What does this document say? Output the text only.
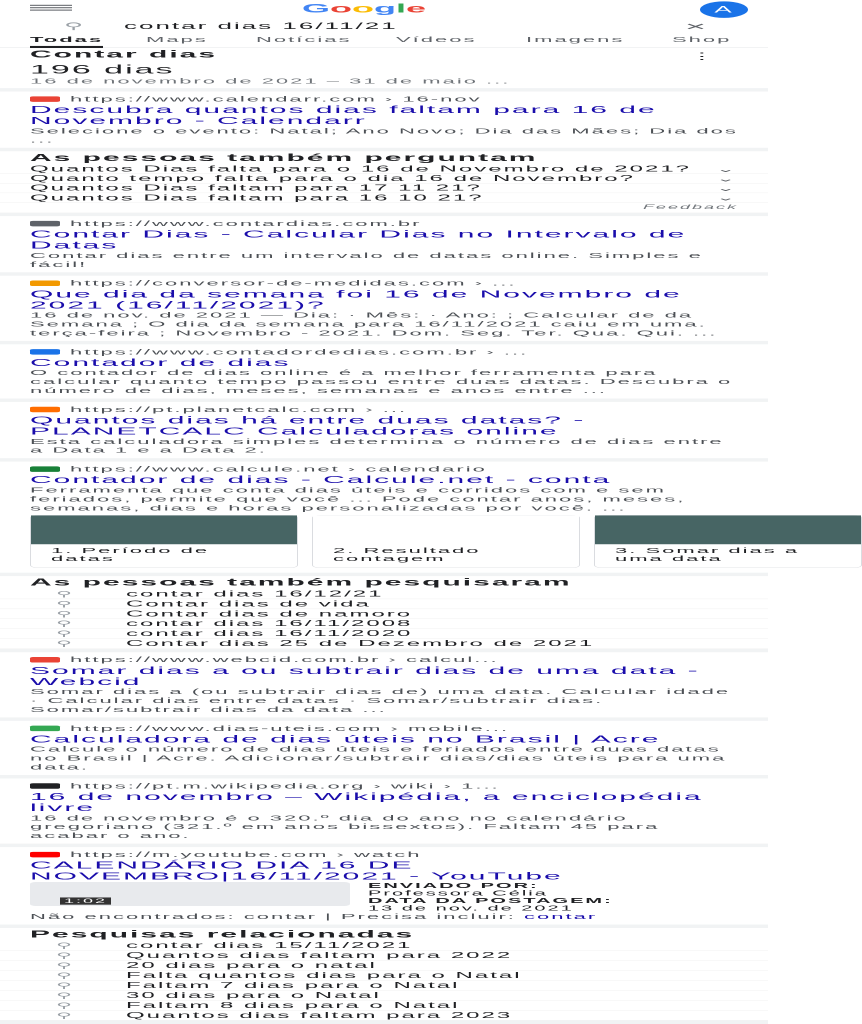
Google	A
⚲ contar dias 16/11/21	×
Todas Maps Notícias Vídeos Imagens Shop
Contar dias	⋮
196 dias
16 de novembro de 2021 – 31 de maio ...
https://www.calendarr.com › 16-nov
Descubra quantos dias faltam para 16 de Novembro - Calendarr
Selecione o evento: Natal; Ano Novo; Dia das Mães; Dia dos ...
As pessoas também perguntam
Quantos Dias falta para o 16 de Novembro de 2021? ⌄
Quanto tempo falta para o dia 16 de Novembro?	⌄
Quantos Dias faltam para 17 11 21?	⌄
Quantos Dias faltam para 16 10 21?	⌄
Feedback
https://www.contardias.com.br
Contar Dias - Calcular Dias no Intervalo de Datas
Contar dias entre um intervalo de datas online. Simples e fácil!
https://conversor-de-medidas.com › ...
Que dia da semana foi 16 de Novembro de 2021 (16/11/2021)?
16 de nov. de 2021 — Dia: · Mês: · Ano: ; Calcular de da Semana ; O dia da semana para 16/11/2021 caiu em uma. terça-feira ; Novembro - 2021. Dom. Seg. Ter. Qua. Qui. ...
https://www.contadordedias.com.br › ...
Contador de dias
O contador de dias online é a melhor ferramenta para calcular quanto tempo passou entre duas datas. Descubra o número de dias, meses, semanas e anos entre ...
https://pt.planetcalc.com › ...
Quantos dias há entre duas datas? - PLANETCALC Calculadoras online
Esta calculadora simples determina o número de dias entre a Data 1 e a Data 2.
https://www.calcule.net › calendario
Contador de dias - Calcule.net - conta
Ferramenta que conta dias úteis e corridos com e sem feriados, permite que você ... Pode contar anos, meses, semanas, dias e horas personalizadas por você. ...
1. Período de datas
2. Resultado contagem
3. Somar dias a uma data
As pessoas também pesquisaram
⚲	contar dias 16/12/21
⚲	Contar dias de vida
⚲	Contar dias de namoro
⚲	contar dias 16/11/2008
⚲	contar dias 16/11/2020
⚲	Contar dias 25 de Dezembro de 2021
https://www.webcid.com.br › calcul...
Somar dias a ou subtrair dias de uma data - Webcid
Somar dias a (ou subtrair dias de) uma data. Calcular idade · Calcular dias entre datas · Somar/subtrair dias. Somar/subtrair dias da data ...
https://www.dias-uteis.com › mobile...
Calculadora de dias úteis no Brasil | Acre
Calcule o número de dias úteis e feriados entre duas datas no Brasil | Acre. Adicionar/subtrair dias/dias úteis para uma data.
https://pt.m.wikipedia.org › wiki › 1...
16 de novembro – Wikipédia, a enciclopédia livre
16 de novembro é o 320.º dia do ano no calendário gregoriano (321.º em anos bissextos). Faltam 45 para acabar o ano.
https://m.youtube.com › watch
CALENDÁRIO DIA 16 DE NOVEMBRO|16/11/2021 - YouTube
1:02
ENVIADO POR:
Professora Célia
DATA DA POSTAGEM:
13 de nov. de 2021
Não encontrados: contar | Precisa incluir: contar
Pesquisas relacionadas
⚲	contar dias 15/11/2021
⚲	Quantos dias faltam para 2022
⚲	20 dias para o natal
⚲	Falta quantos dias para o Natal
⚲	Faltam 7 dias para o Natal
⚲	30 dias para o Natal
⚲	Faltam 8 dias para o Natal
⚲	Quantos dias faltam para 2023
